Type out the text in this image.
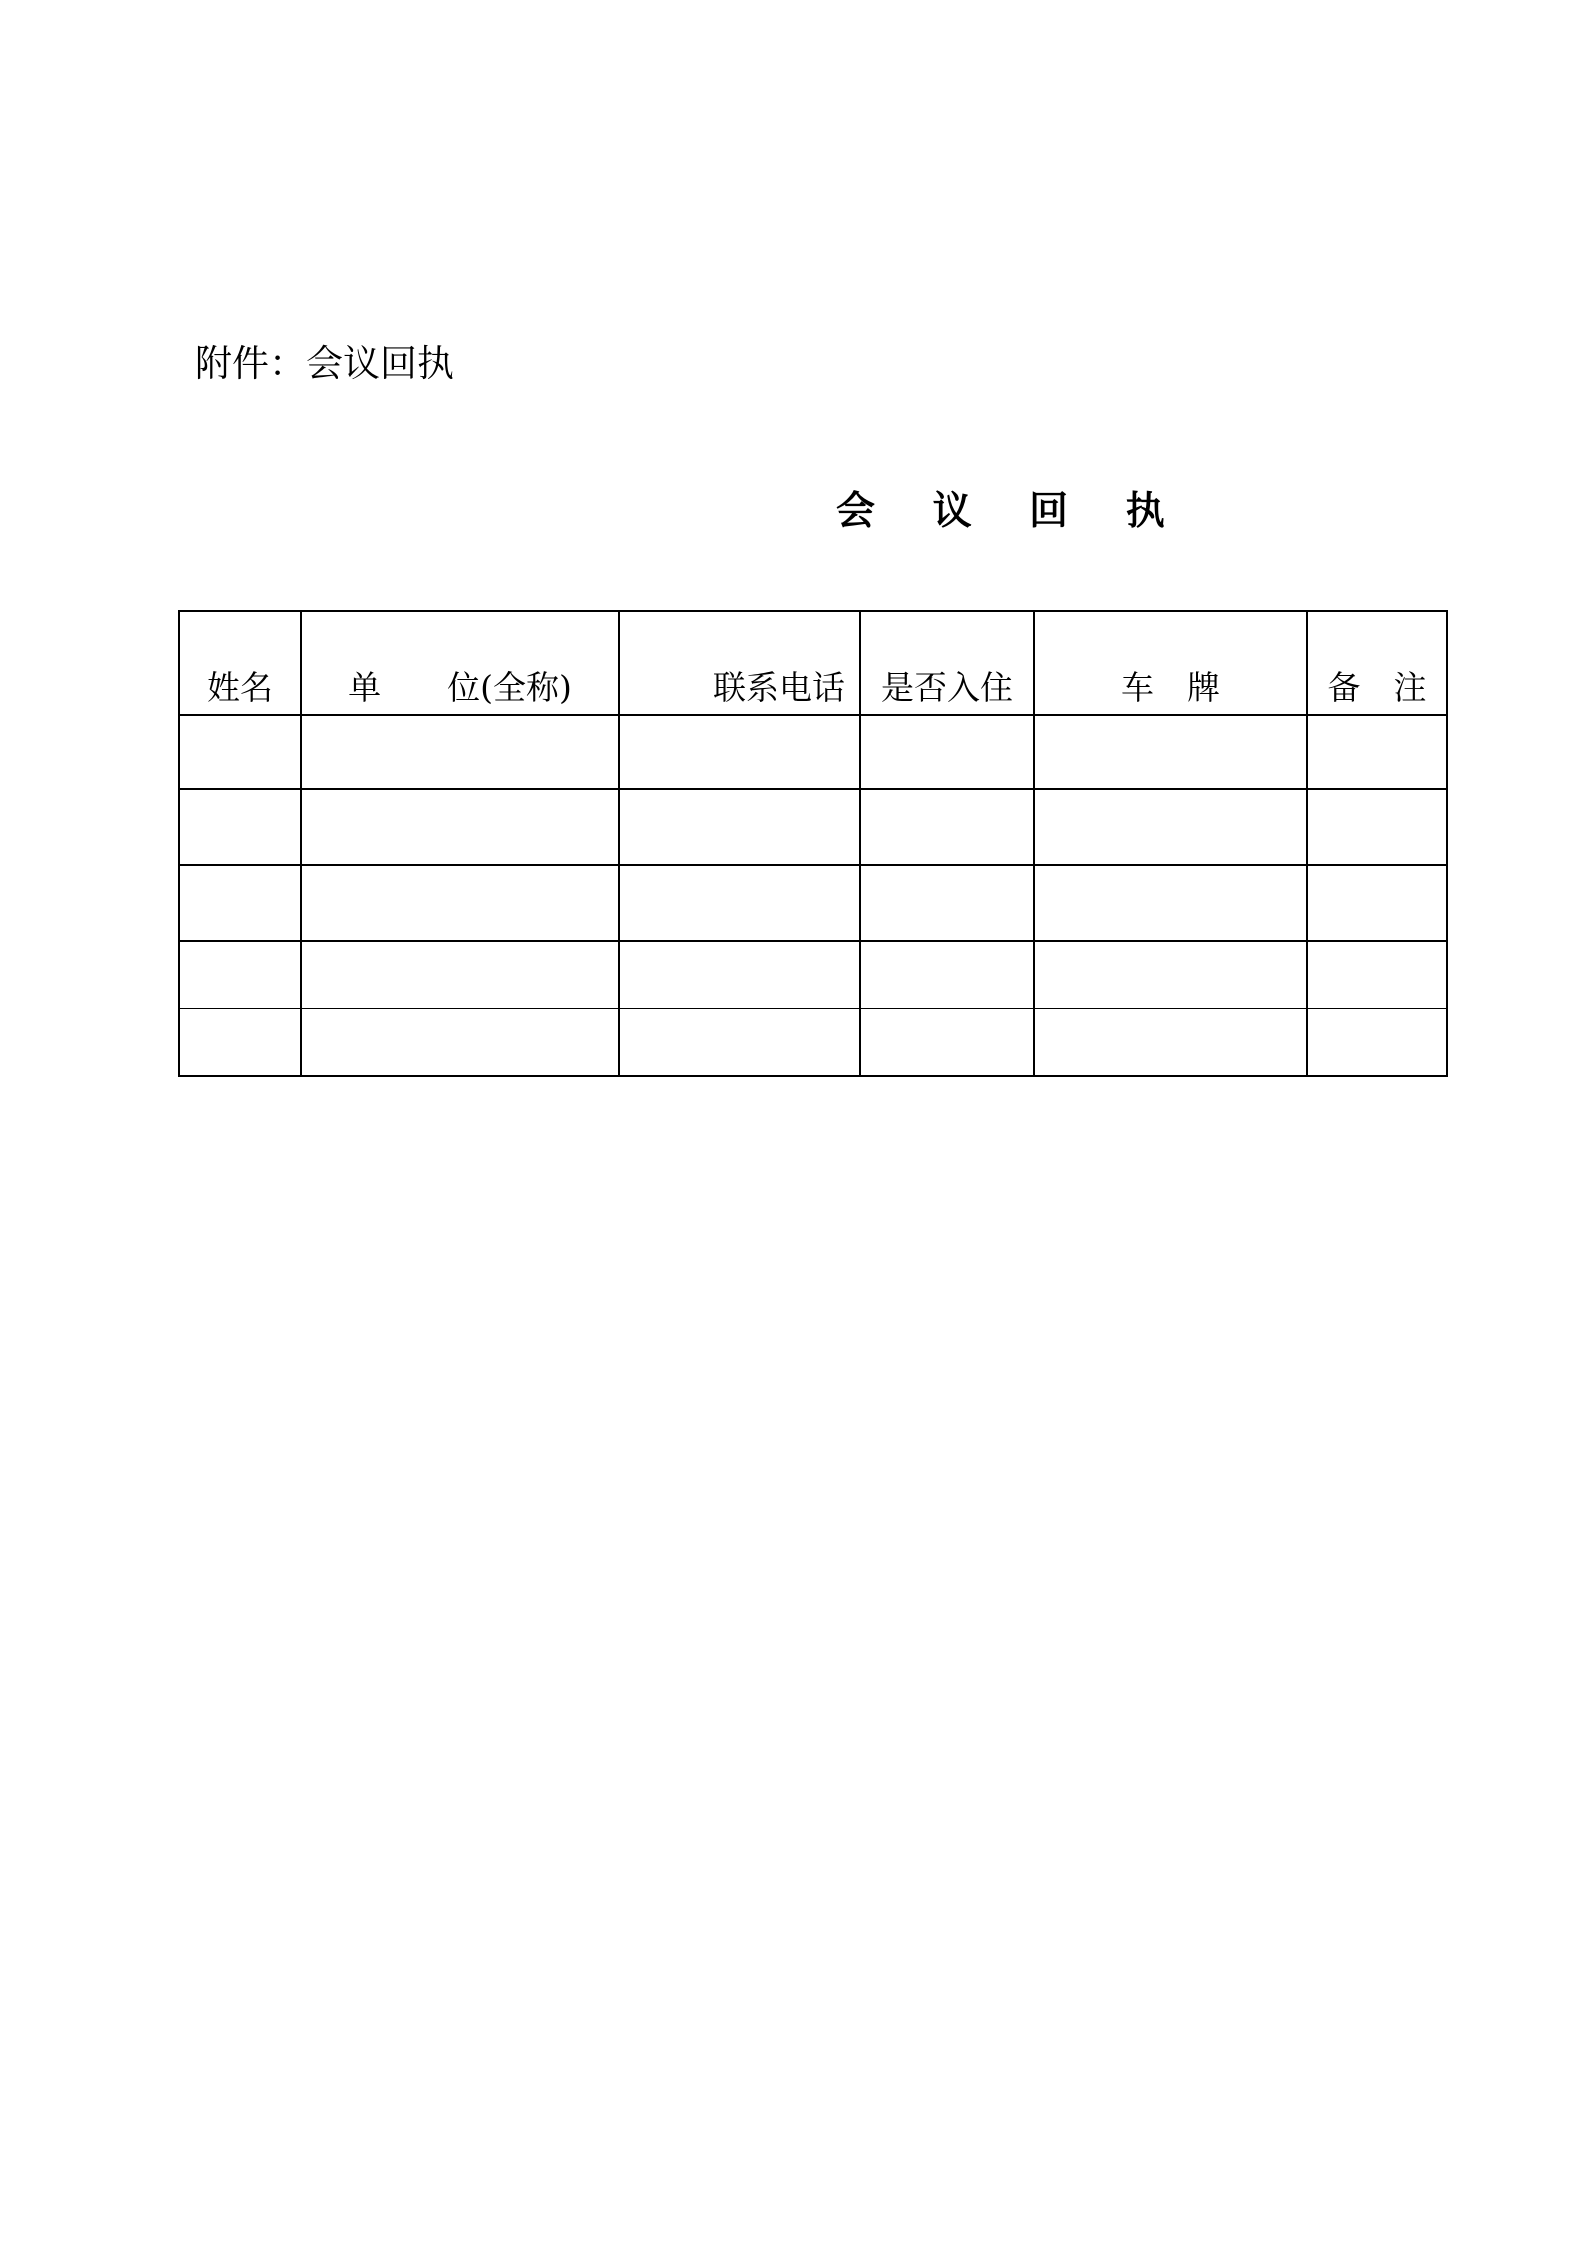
附件：会议回执
会 议 回 执
姓名	单　　位(全称)	联系电话	是否入住	车　牌	备　注
